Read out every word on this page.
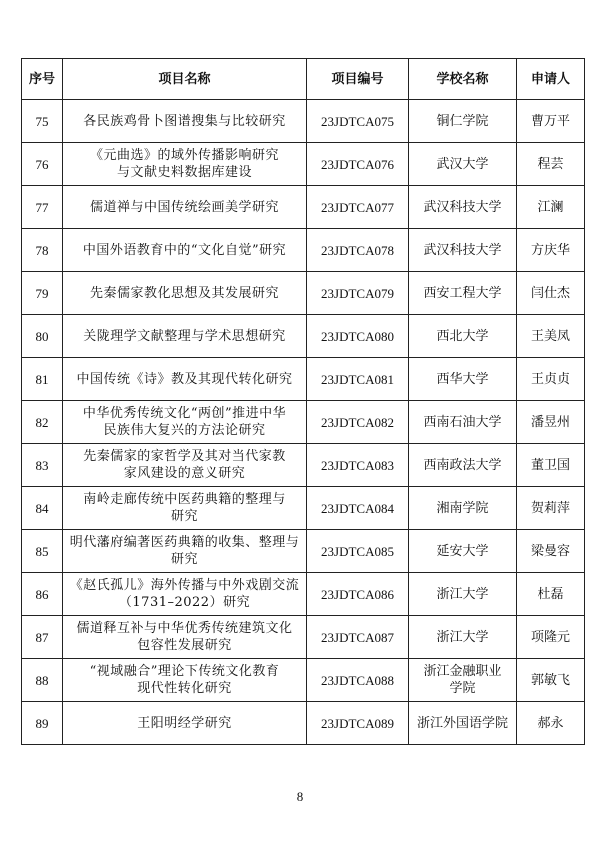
序号	项目名称	项目编号	学校名称	申请人
75	各民族鸡骨卜图谱搜集与比较研究	23JDTCA075	铜仁学院	曹万平
76	《元曲选》的域外传播影响研究
与文献史料数据库建设	23JDTCA076	武汉大学	程芸
77	儒道禅与中国传统绘画美学研究	23JDTCA077	武汉科技大学	江澜
78	中国外语教育中的“文化自觉”研究	23JDTCA078	武汉科技大学	方庆华
79	先秦儒家教化思想及其发展研究	23JDTCA079	西安工程大学	闫仕杰
80	关陇理学文献整理与学术思想研究	23JDTCA080	西北大学	王美凤
81	中国传统《诗》教及其现代转化研究	23JDTCA081	西华大学	王贞贞
82	中华优秀传统文化“两创”推进中华
民族伟大复兴的方法论研究	23JDTCA082	西南石油大学	潘昱州
83	先秦儒家的家哲学及其对当代家教
家风建设的意义研究	23JDTCA083	西南政法大学	董卫国
84	南岭走廊传统中医药典籍的整理与
研究	23JDTCA084	湘南学院	贺莉萍
85	明代藩府编著医药典籍的收集、整理与
研究	23JDTCA085	延安大学	梁曼容
86	《赵氏孤儿》海外传播与中外戏剧交流
（1731–2022）研究	23JDTCA086	浙江大学	杜磊
87	儒道释互补与中华优秀传统建筑文化
包容性发展研究	23JDTCA087	浙江大学	项隆元
88	“视域融合”理论下传统文化教育
现代性转化研究	23JDTCA088	浙江金融职业
学院	郭敏飞
89	王阳明经学研究	23JDTCA089	浙江外国语学院	郝永
8
